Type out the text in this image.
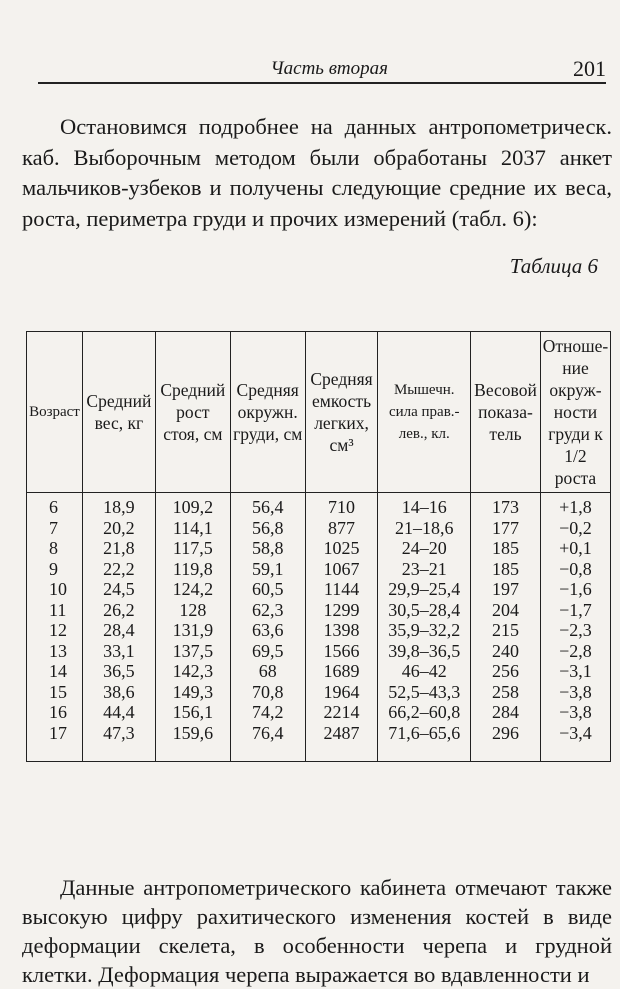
Часть вторая	201
Остановимся подробнее на данных антропометрическ. каб. Выборочным методом были обработаны 2037 анкет мальчиков-узбеков и получены следующие средние их веса, роста, периметра груди и прочих измерений (табл. 6):
Таблица 6
Возраст	Средний вес, кг	Средний рост стоя, см	Средняя окружн. груди, см	Средняя емкость легких, см³	Мышечн. сила прав.-лев., кл.	Весовой показа-тель	Отноше-ние окруж-ности груди к 1/2 роста
6	18,9	109,2	56,4	710	14–16	173	+1,8
7	20,2	114,1	56,8	877	21–18,6	177	−0,2
8	21,8	117,5	58,8	1025	24–20	185	+0,1
9	22,2	119,8	59,1	1067	23–21	185	−0,8
10	24,5	124,2	60,5	1144	29,9–25,4	197	−1,6
11	26,2	128	62,3	1299	30,5–28,4	204	−1,7
12	28,4	131,9	63,6	1398	35,9–32,2	215	−2,3
13	33,1	137,5	69,5	1566	39,8–36,5	240	−2,8
14	36,5	142,3	68	1689	46–42	256	−3,1
15	38,6	149,3	70,8	1964	52,5–43,3	258	−3,8
16	44,4	156,1	74,2	2214	66,2–60,8	284	−3,8
17	47,3	159,6	76,4	2487	71,6–65,6	296	−3,4
Данные антропометрического кабинета отмечают также высокую цифру рахитического изменения костей в виде деформации скелета, в особенности черепа и грудной клетки. Деформация черепа выражается во вдавленности и
